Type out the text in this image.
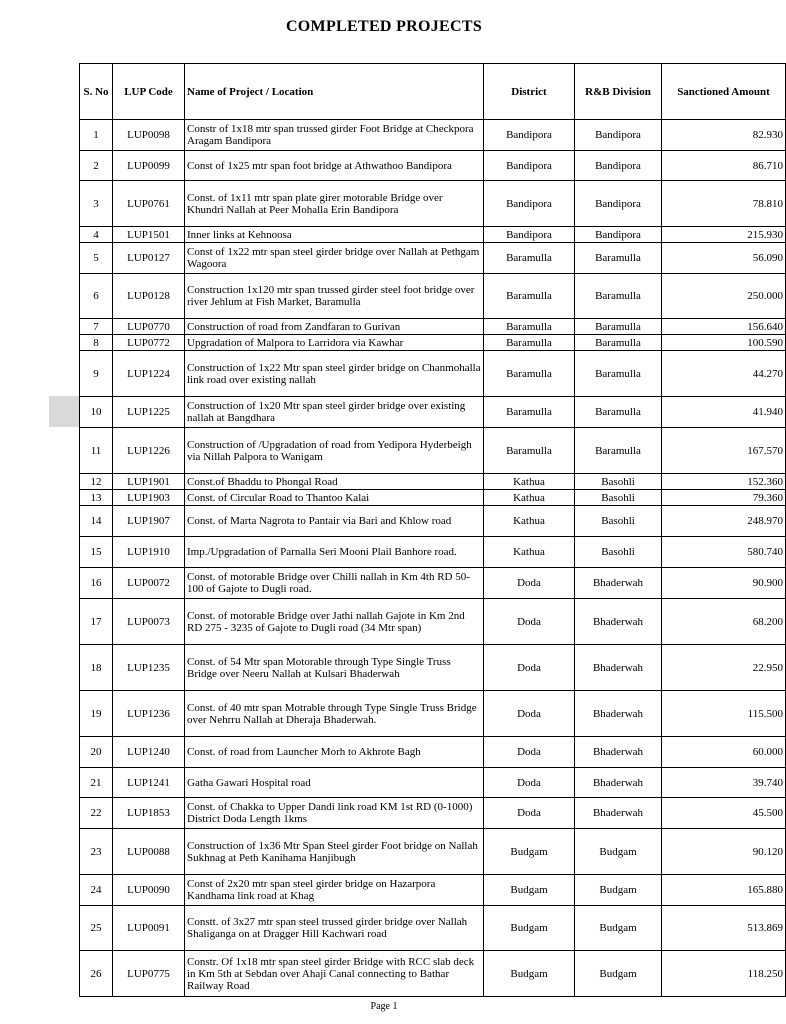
COMPLETED PROJECTS
S. No	LUP Code	Name of Project / Location	District	R&B Division	Sanctioned Amount
1	LUP0098	Constr of 1x18 mtr span trussed girder Foot Bridge at Checkpora Aragam Bandipora	Bandipora	Bandipora	82.930
2	LUP0099	Const of 1x25 mtr span foot bridge at Athwathoo Bandipora	Bandipora	Bandipora	86.710
3	LUP0761	Const. of 1x11 mtr span plate girer motorable Bridge over Khundri Nallah at Peer Mohalla Erin Bandipora	Bandipora	Bandipora	78.810
4	LUP1501	Inner links at Kehnoosa	Bandipora	Bandipora	215.930
5	LUP0127	Const of 1x22 mtr span steel girder bridge over Nallah at Pethgam Wagoora	Baramulla	Baramulla	56.090
6	LUP0128	Construction 1x120 mtr span trussed girder steel foot bridge over river Jehlum at Fish Market, Baramulla	Baramulla	Baramulla	250.000
7	LUP0770	Construction of road from Zandfaran to Gurivan	Baramulla	Baramulla	156.640
8	LUP0772	Upgradation of Malpora to Larridora via Kawhar	Baramulla	Baramulla	100.590
9	LUP1224	Construction of 1x22 Mtr span steel girder bridge on Chanmohalla link road over existing nallah	Baramulla	Baramulla	44.270
10	LUP1225	Construction of 1x20 Mtr span steel girder bridge over existing nallah at Bangdhara	Baramulla	Baramulla	41.940
11	LUP1226	Construction of /Upgradation of road from Yedipora Hyderbeigh via Nillah Palpora to Wanigam	Baramulla	Baramulla	167.570
12	LUP1901	Const.of Bhaddu to Phongal Road	Kathua	Basohli	152.360
13	LUP1903	Const. of Circular Road to Thantoo Kalai	Kathua	Basohli	79.360
14	LUP1907	Const. of Marta Nagrota to Pantair via Bari and Khlow road	Kathua	Basohli	248.970
15	LUP1910	Imp./Upgradation of Parnalla Seri Mooni Plail Banhore road.	Kathua	Basohli	580.740
16	LUP0072	Const. of motorable Bridge over Chilli nallah in Km 4th RD 50-100 of Gajote to Dugli road.	Doda	Bhaderwah	90.900
17	LUP0073	Const. of motorable Bridge over Jathi nallah Gajote in Km 2nd RD 275 - 3235 of Gajote to Dugli road (34 Mtr span)	Doda	Bhaderwah	68.200
18	LUP1235	Const. of 54 Mtr span Motorable through Type Single Truss Bridge over Neeru Nallah at Kulsari Bhaderwah	Doda	Bhaderwah	22.950
19	LUP1236	Const. of 40 mtr span Motrable through Type Single Truss Bridge over Nehrru Nallah at Dheraja Bhaderwah.	Doda	Bhaderwah	115.500
20	LUP1240	Const. of road from Launcher Morh to Akhrote Bagh	Doda	Bhaderwah	60.000
21	LUP1241	Gatha Gawari Hospital road	Doda	Bhaderwah	39.740
22	LUP1853	Const. of Chakka to Upper Dandi link road KM 1st RD (0-1000) District Doda Length 1kms	Doda	Bhaderwah	45.500
23	LUP0088	Construction of 1x36 Mtr Span Steel girder Foot bridge on Nallah Sukhnag at Peth Kanihama Hanjibugh	Budgam	Budgam	90.120
24	LUP0090	Const of 2x20 mtr span steel girder bridge on Hazarpora Kandhama link road at Khag	Budgam	Budgam	165.880
25	LUP0091	Constt. of 3x27 mtr span steel trussed girder bridge over Nallah Shaliganga on at Dragger Hill Kachwari road	Budgam	Budgam	513.869
26	LUP0775	Constr. Of 1x18 mtr span steel girder Bridge with RCC slab deck in Km 5th at Sebdan over Ahaji Canal connecting to Bathar Railway Road	Budgam	Budgam	118.250
Page 1
